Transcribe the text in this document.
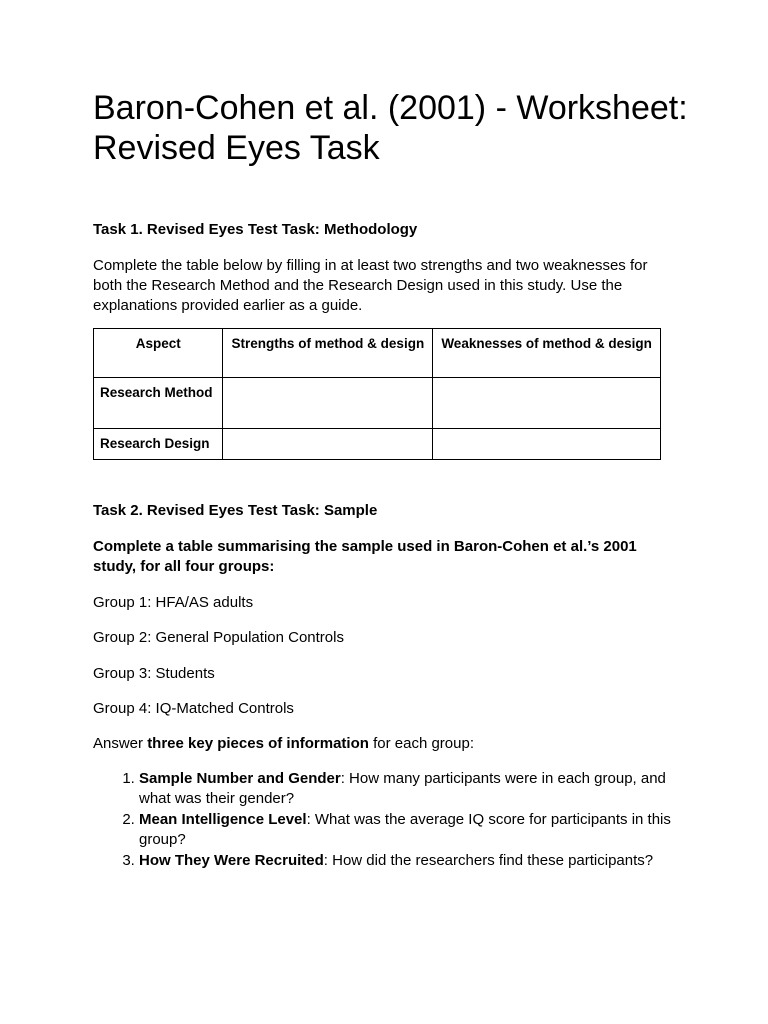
Baron-Cohen et al. (2001) - Worksheet: Revised Eyes Task

Task 1. Revised Eyes Test Task: Methodology

Complete the table below by filling in at least two strengths and two weaknesses for both the Research Method and the Research Design used in this study. Use the explanations provided earlier as a guide.

Aspect	Strengths of method & design	Weaknesses of method & design
Research Method		
Research Design		

Task 2. Revised Eyes Test Task: Sample

Complete a table summarising the sample used in Baron-Cohen et al.’s 2001 study, for all four groups:

Group 1: HFA/AS adults

Group 2: General Population Controls

Group 3: Students

Group 4: IQ-Matched Controls

Answer three key pieces of information for each group:

1. Sample Number and Gender: How many participants were in each group, and what was their gender?
2. Mean Intelligence Level: What was the average IQ score for participants in this group?
3. How They Were Recruited: How did the researchers find these participants?
